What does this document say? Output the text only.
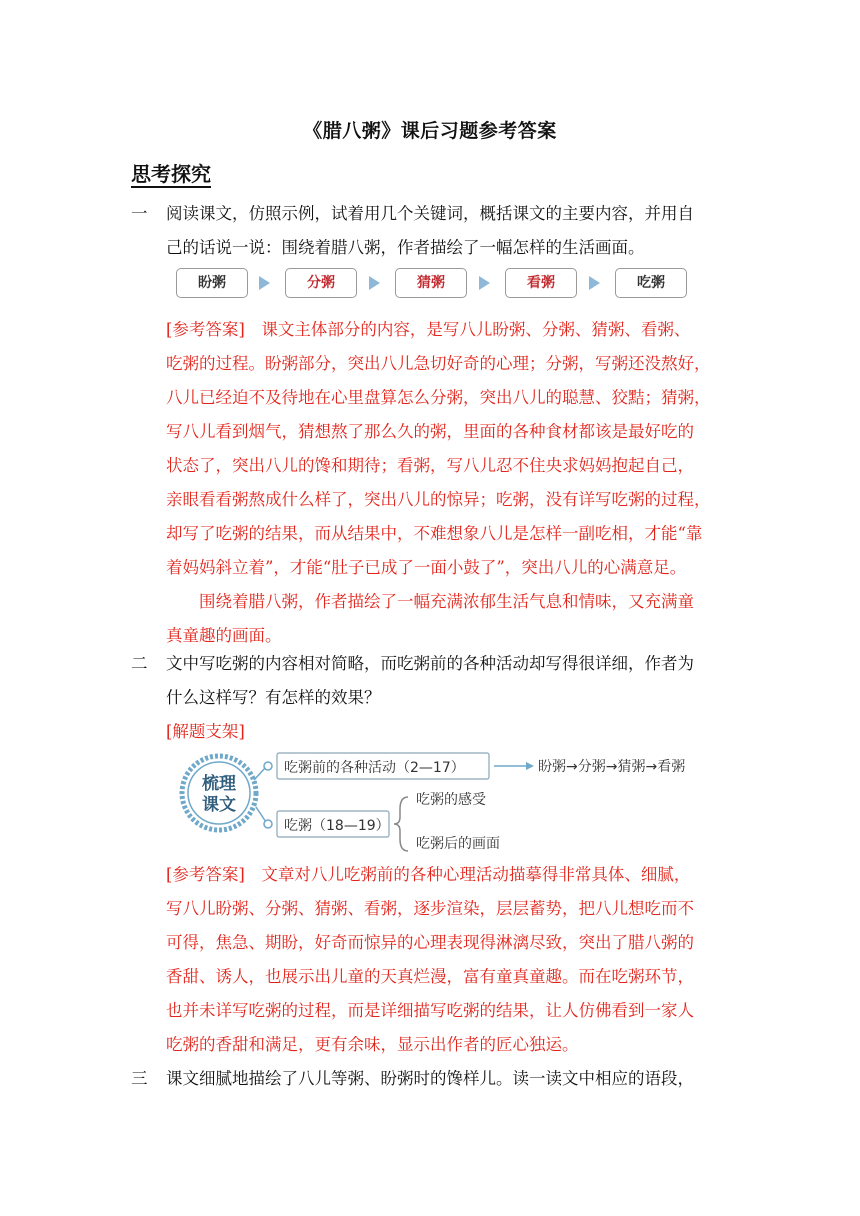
《腊八粥》课后习题参考答案
思考探究
一 阅读课文，仿照示例，试着用几个关键词，概括课文的主要内容，并用自
己的话说一说：围绕着腊八粥，作者描绘了一幅怎样的生活画面。
盼粥	分粥	猜粥	看粥	吃粥
[参考答案]　课文主体部分的内容，是写八儿盼粥、分粥、猜粥、看粥、
吃粥的过程。盼粥部分，突出八儿急切好奇的心理；分粥，写粥还没熬好，
八儿已经迫不及待地在心里盘算怎么分粥，突出八儿的聪慧、狡黠；猜粥，
写八儿看到烟气，猜想熬了那么久的粥，里面的各种食材都该是最好吃的
状态了，突出八儿的馋和期待；看粥，写八儿忍不住央求妈妈抱起自己，
亲眼看看粥熬成什么样了，突出八儿的惊异；吃粥，没有详写吃粥的过程，
却写了吃粥的结果，而从结果中，不难想象八儿是怎样一副吃相，才能“靠
着妈妈斜立着”，才能“肚子已成了一面小鼓了”，突出八儿的心满意足。
　　围绕着腊八粥，作者描绘了一幅充满浓郁生活气息和情味，又充满童
真童趣的画面。
二 文中写吃粥的内容相对简略，而吃粥前的各种活动却写得很详细，作者为
什么这样写？有怎样的效果？
[解题支架]
梳理
课文
吃粥前的各种活动（2—17）	盼粥→分粥→猜粥→看粥
吃粥（18—19）
吃粥的感受
吃粥后的画面
[参考答案]　文章对八儿吃粥前的各种心理活动描摹得非常具体、细腻，
写八儿盼粥、分粥、猜粥、看粥，逐步渲染，层层蓄势，把八儿想吃而不
可得，焦急、期盼，好奇而惊异的心理表现得淋漓尽致，突出了腊八粥的
香甜、诱人，也展示出儿童的天真烂漫，富有童真童趣。而在吃粥环节，
也并未详写吃粥的过程，而是详细描写吃粥的结果，让人仿佛看到一家人
吃粥的香甜和满足，更有余味，显示出作者的匠心独运。
三 课文细腻地描绘了八儿等粥、盼粥时的馋样儿。读一读文中相应的语段，
